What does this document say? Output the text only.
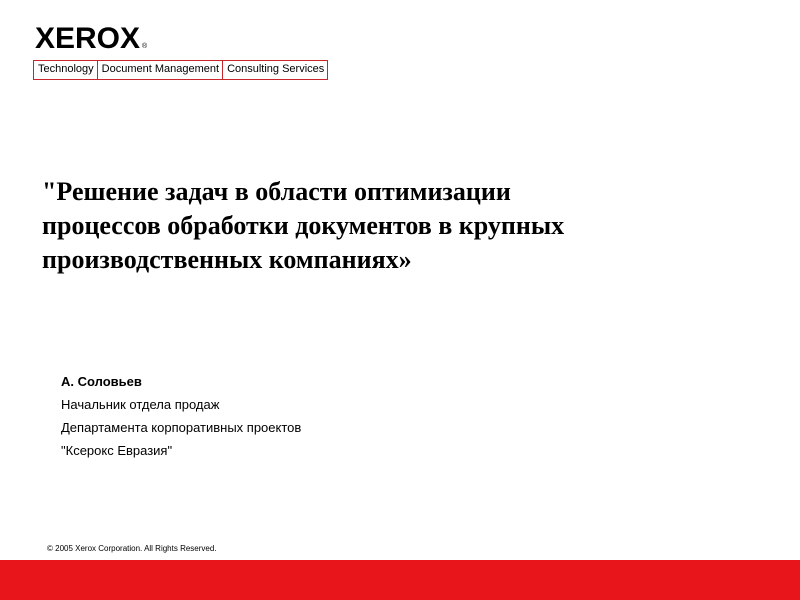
XEROX ®
Technology Document Management Consulting Services
"Решение задач в области оптимизации
процессов обработки документов в крупных
производственных компаниях»
А. Соловьев
Начальник отдела продаж
Департамента корпоративных проектов
"Ксерокс Евразия"
© 2005 Xerox Corporation. All Rights Reserved.
